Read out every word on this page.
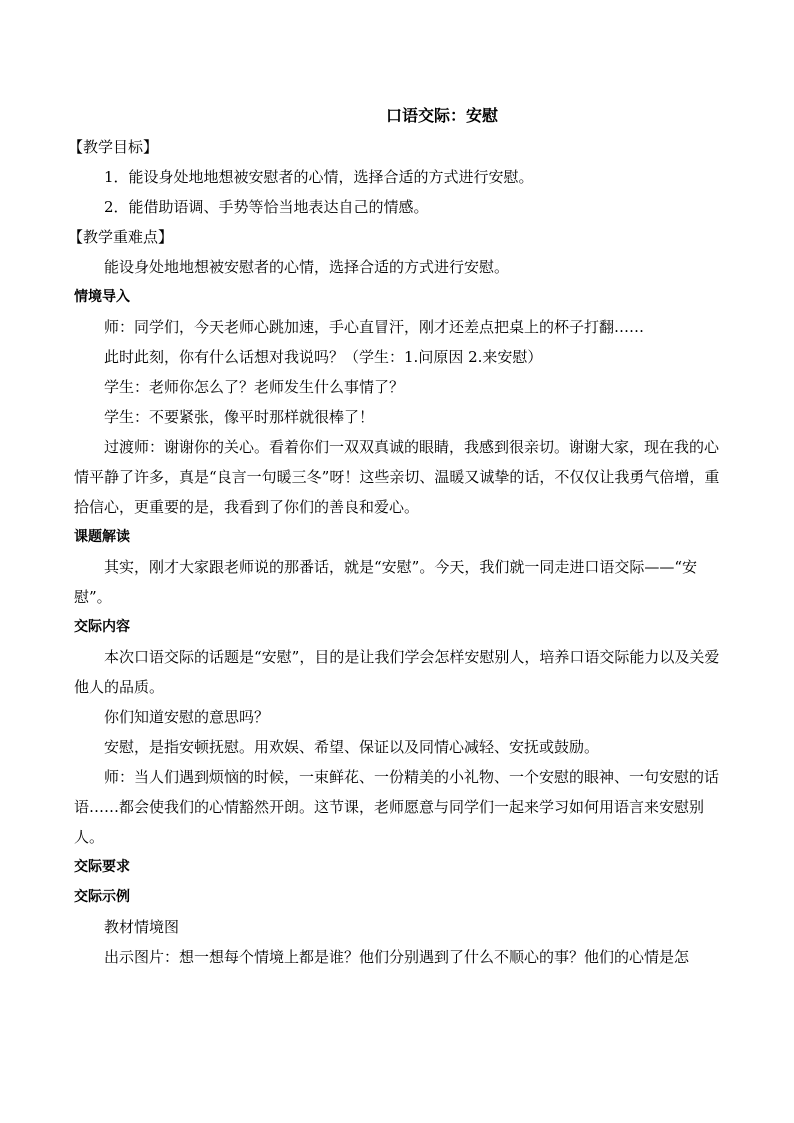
口语交际：安慰
【教学目标】

1．能设身处地地想被安慰者的心情，选择合适的方式进行安慰。

2．能借助语调、手势等恰当地表达自己的情感。

【教学重难点】

能设身处地地想被安慰者的心情，选择合适的方式进行安慰。

情境导入

师：同学们，今天老师心跳加速，手心直冒汗，刚才还差点把桌上的杯子打翻……

此时此刻，你有什么话想对我说吗？（学生：1.问原因 2.来安慰）

学生：老师你怎么了？老师发生什么事情了？

学生：不要紧张，像平时那样就很棒了！

过渡师：谢谢你的关心。看着你们一双双真诚的眼睛，我感到很亲切。谢谢大家，现在我的心情平静了许多，真是“良言一句暖三冬”呀！这些亲切、温暖又诚挚的话，不仅仅让我勇气倍增，重拾信心，更重要的是，我看到了你们的善良和爱心。

课题解读

其实，刚才大家跟老师说的那番话，就是“安慰”。今天，我们就一同走进口语交际——“安慰”。

交际内容

本次口语交际的话题是“安慰”，目的是让我们学会怎样安慰别人，培养口语交际能力以及关爱他人的品质。

你们知道安慰的意思吗？

安慰，是指安顿抚慰。用欢娱、希望、保证以及同情心减轻、安抚或鼓励。

师：当人们遇到烦恼的时候，一束鲜花、一份精美的小礼物、一个安慰的眼神、一句安慰的话语……都会使我们的心情豁然开朗。这节课，老师愿意与同学们一起来学习如何用语言来安慰别人。

交际要求
交际示例

教材情境图

出示图片：想一想每个情境上都是谁？他们分别遇到了什么不顺心的事？他们的心情是怎
